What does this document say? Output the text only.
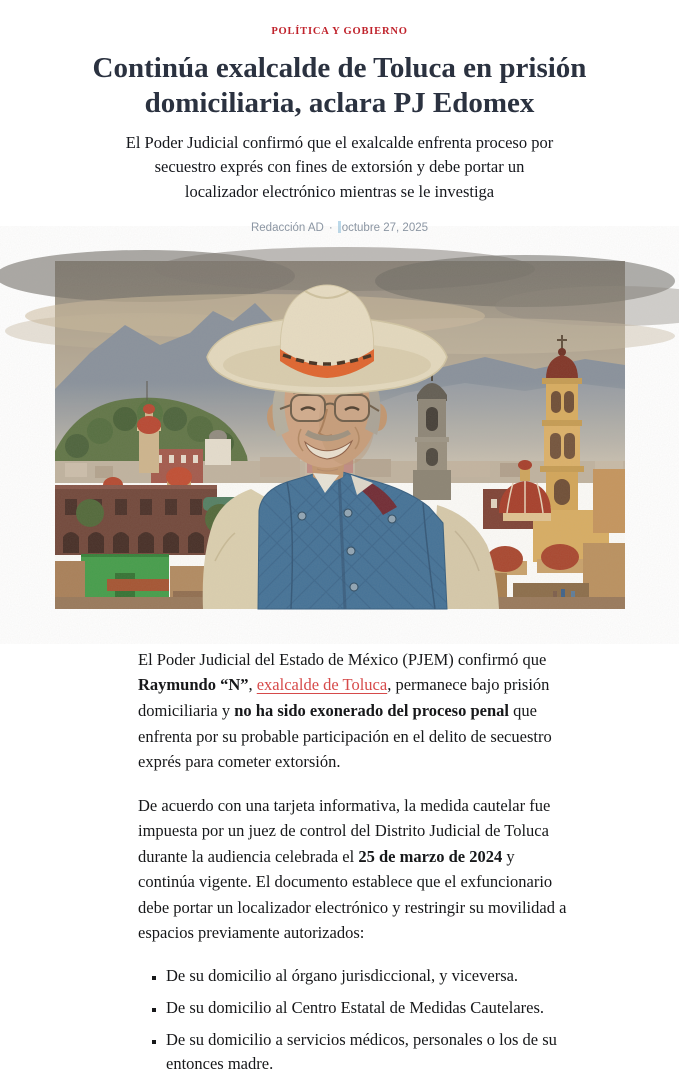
POLÍTICA Y GOBIERNO
Continúa exalcalde de Toluca en prisión domiciliaria, aclara PJ Edomex

El Poder Judicial confirmó que el exalcalde enfrenta proceso por secuestro exprés con fines de extorsión y debe portar un localizador electrónico mientras se le investiga

Redacción AD · octubre 27, 2025

El Poder Judicial del Estado de México (PJEM) confirmó que Raymundo “N”, exalcalde de Toluca, permanece bajo prisión domiciliaria y no ha sido exonerado del proceso penal que enfrenta por su probable participación en el delito de secuestro exprés para cometer extorsión.

De acuerdo con una tarjeta informativa, la medida cautelar fue impuesta por un juez de control del Distrito Judicial de Toluca durante la audiencia celebrada el 25 de marzo de 2024 y continúa vigente. El documento establece que el exfuncionario debe portar un localizador electrónico y restringir su movilidad a espacios previamente autorizados:

▪ De su domicilio al órgano jurisdiccional, y viceversa.
▪ De su domicilio al Centro Estatal de Medidas Cautelares.
▪ De su domicilio a servicios médicos, personales o los de su entonces madre.
